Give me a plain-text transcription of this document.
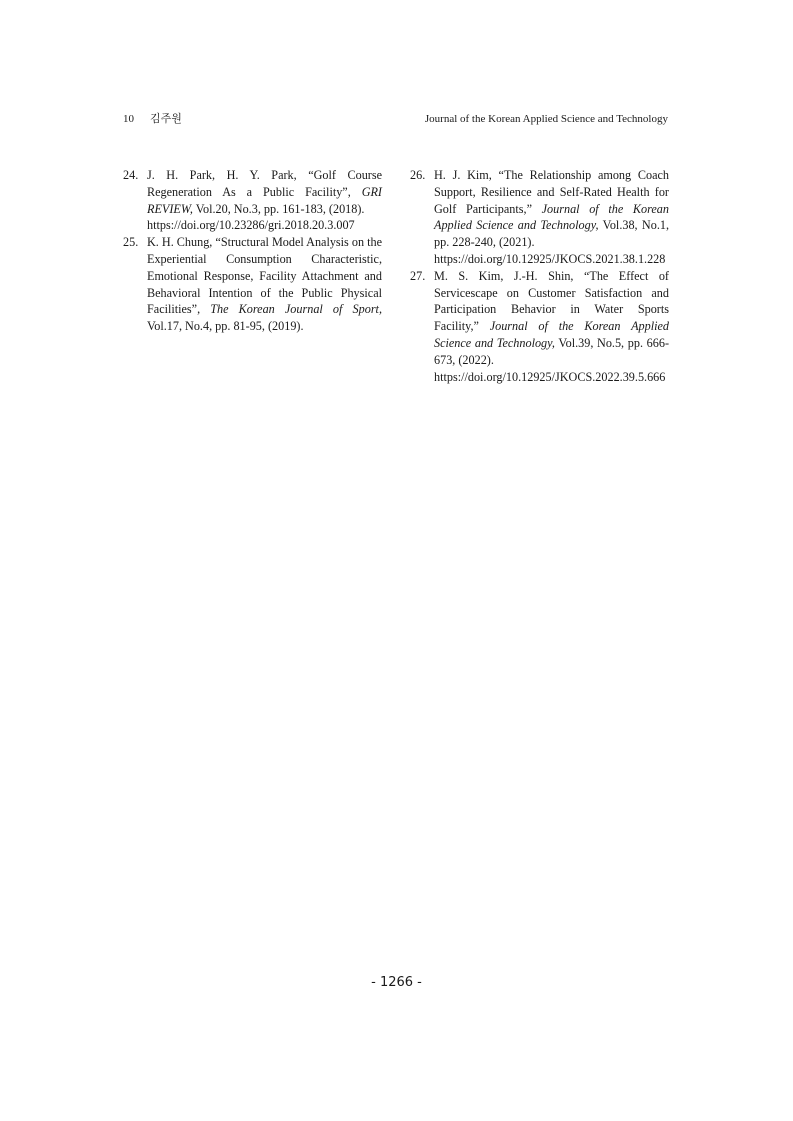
10 김주원	Journal of the Korean Applied Science and Technology
24. J. H. Park, H. Y. Park, “Golf Course Regeneration As a Public Facility”, GRI REVIEW, Vol.20, No.3, pp. 161-183, (2018).
https://doi.org/10.23286/gri.2018.20.3.007
25. K. H. Chung, “Structural Model Analysis on the Experiential Consumption Characteristic, Emotional Response, Facility Attachment and Behavioral Intention of the Public Physical Facilities”, The Korean Journal of Sport, Vol.17, No.4, pp. 81-95, (2019).
26. H. J. Kim, “The Relationship among Coach Support, Resilience and Self-Rated Health for Golf Participants,” Journal of the Korean Applied Science and Technology, Vol.38, No.1, pp. 228-240, (2021).
https://doi.org/10.12925/JKOCS.2021.38.1.228
27. M. S. Kim, J.-H. Shin, “The Effect of Servicescape on Customer Satisfaction and Participation Behavior in Water Sports Facility,” Journal of the Korean Applied Science and Technology, Vol.39, No.5, pp. 666-673, (2022).
https://doi.org/10.12925/JKOCS.2022.39.5.666
- 1266 -
